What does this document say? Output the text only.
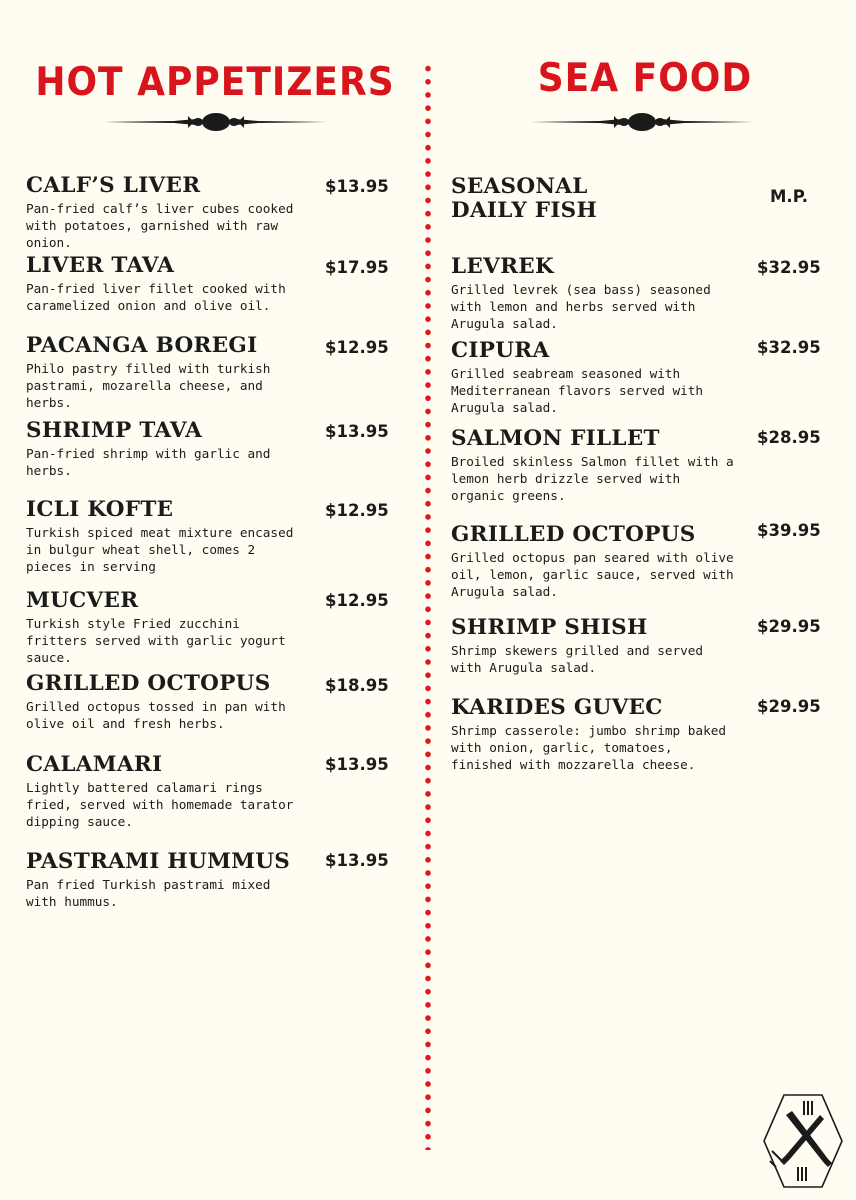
HOT APPETIZERS	SEA FOOD
CALF’S LIVER

Pan-fried calf’s liver cubes cooked with potatoes, garnished with raw onion.

$13.95
LIVER TAVA

Pan-fried liver fillet cooked with caramelized onion and olive oil.

$17.95
PACANGA BOREGI

Philo pastry filled with turkish pastrami, mozarella cheese, and herbs.

$12.95
SHRIMP TAVA

Pan-fried shrimp with garlic and herbs.

$13.95
ICLI KOFTE

Turkish spiced meat mixture encased in bulgur wheat shell, comes 2 pieces in serving

$12.95
MUCVER

Turkish style Fried zucchini fritters served with garlic yogurt sauce.

$12.95
GRILLED OCTOPUS

Grilled octopus tossed in pan with olive oil and fresh herbs.

$18.95
CALAMARI

Lightly battered calamari rings fried, served with homemade tarator dipping sauce.

$13.95
PASTRAMI HUMMUS

Pan fried Turkish pastrami mixed with hummus.

$13.95
SEASONAL
DAILY FISH
M.P.
LEVREK

Grilled levrek (sea bass) seasoned with lemon and herbs served with Arugula salad.

$32.95
CIPURA

Grilled seabream seasoned with Mediterranean flavors served with Arugula salad.

$32.95
SALMON FILLET

Broiled skinless Salmon fillet with a lemon herb drizzle served with organic greens.

$28.95
GRILLED OCTOPUS

Grilled octopus pan seared with olive oil, lemon, garlic sauce, served with Arugula salad.

$39.95
SHRIMP SHISH

Shrimp skewers grilled and served with Arugula salad.

$29.95
KARIDES GUVEC

Shrimp casserole: jumbo shrimp baked with onion, garlic, tomatoes, finished with mozzarella cheese.

$29.95
